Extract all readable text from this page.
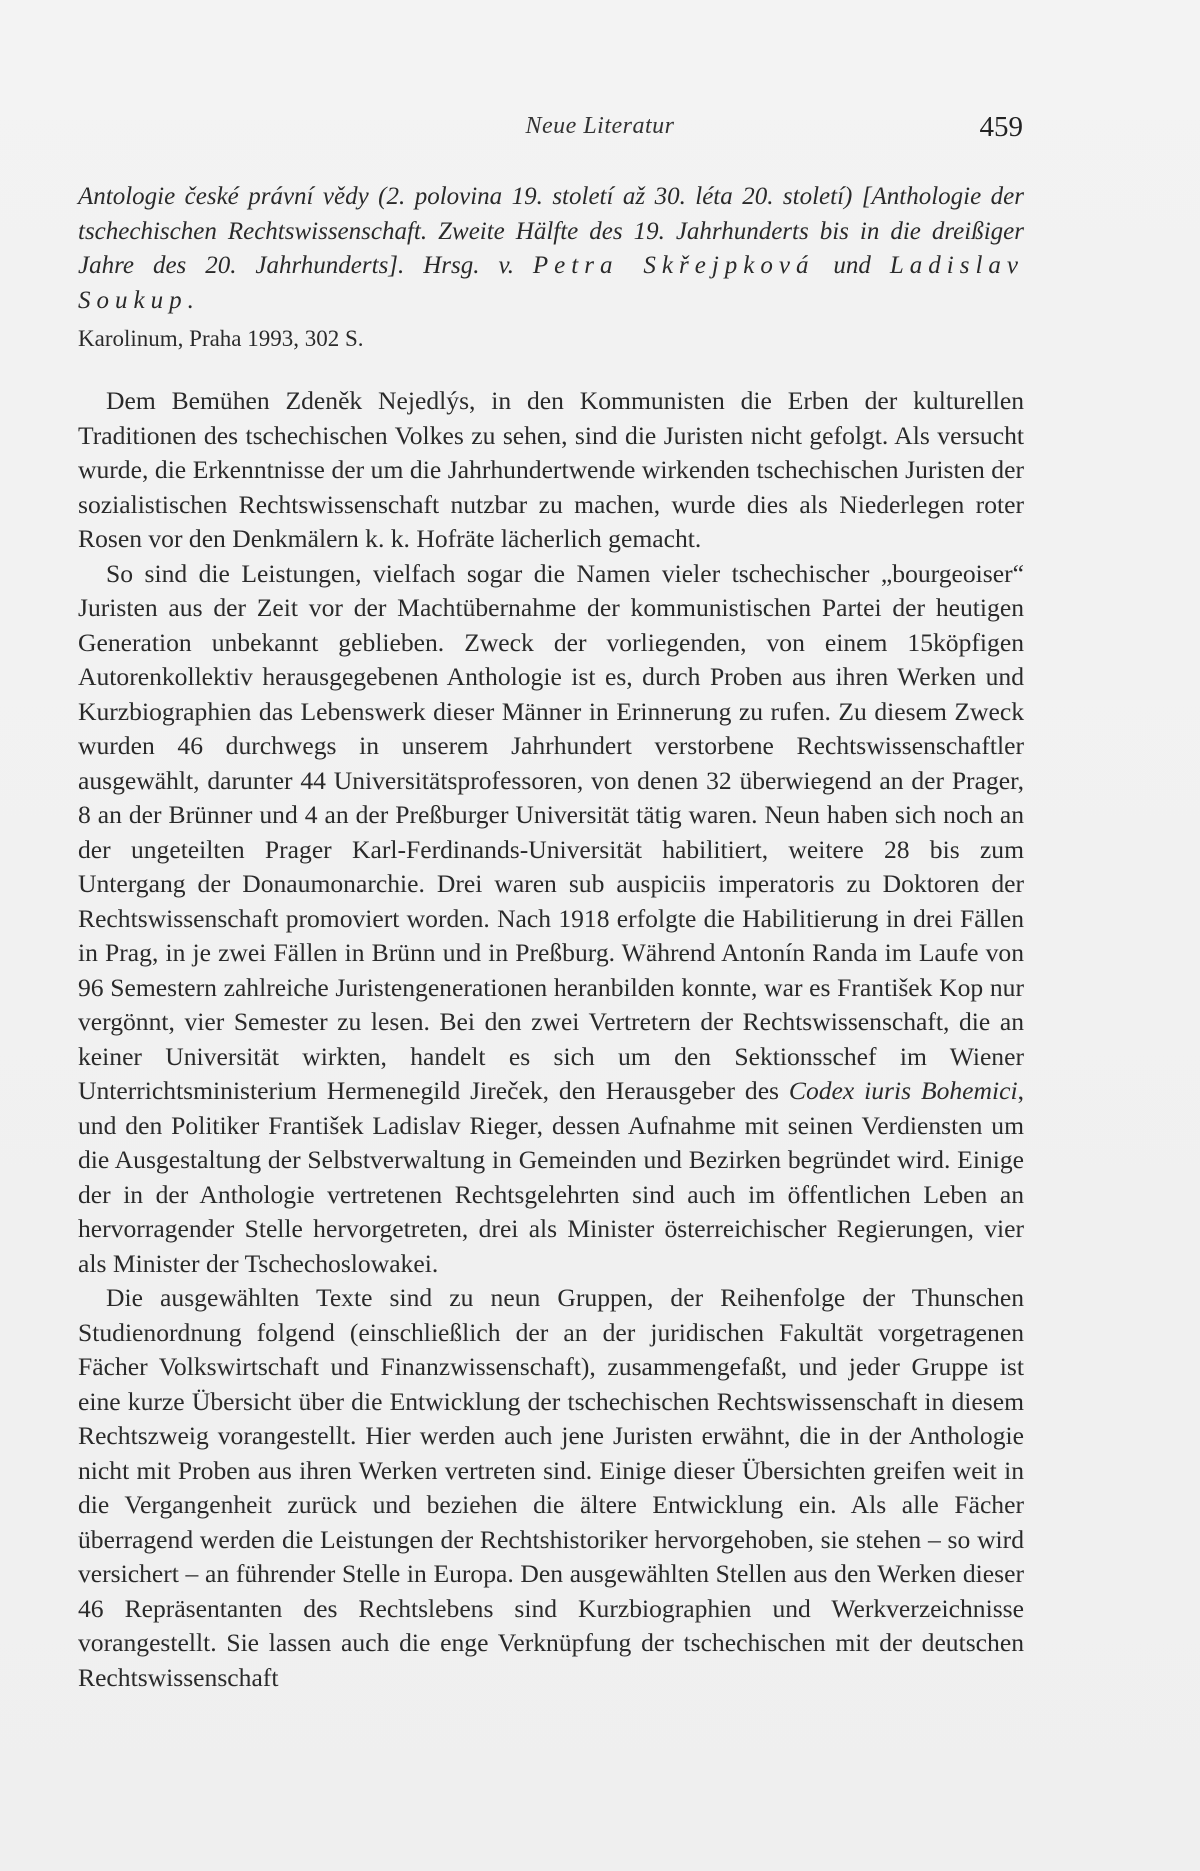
Neue Literatur	459

Antologie české právní vědy (2. polovina 19. století až 30. léta 20. století) [Anthologie der tschechischen Rechtswissenschaft. Zweite Hälfte des 19. Jahrhunderts bis in die dreißiger Jahre des 20. Jahrhunderts]. Hrsg. v. Petra Skřejpková und Ladislav Soukup.

Karolinum, Praha 1993, 302 S.

Dem Bemühen Zdeněk Nejedlýs, in den Kommunisten die Erben der kulturellen Traditionen des tschechischen Volkes zu sehen, sind die Juristen nicht gefolgt. Als versucht wurde, die Erkenntnisse der um die Jahrhundertwende wirkenden tschechischen Juristen der sozialistischen Rechtswissenschaft nutzbar zu machen, wurde dies als Niederlegen roter Rosen vor den Denkmälern k. k. Hofräte lächerlich gemacht.

So sind die Leistungen, vielfach sogar die Namen vieler tschechischer „bourgeoiser“ Juristen aus der Zeit vor der Machtübernahme der kommunistischen Partei der heutigen Generation unbekannt geblieben. Zweck der vorliegenden, von einem 15köpfigen Autorenkollektiv herausgegebenen Anthologie ist es, durch Proben aus ihren Werken und Kurzbiographien das Lebenswerk dieser Männer in Erinnerung zu rufen. Zu diesem Zweck wurden 46 durchwegs in unserem Jahrhundert verstorbene Rechtswissenschaftler ausgewählt, darunter 44 Universitätsprofessoren, von denen 32 überwiegend an der Prager, 8 an der Brünner und 4 an der Preßburger Universität tätig waren. Neun haben sich noch an der ungeteilten Prager Karl-Ferdinands-Universität habilitiert, weitere 28 bis zum Untergang der Donaumonarchie. Drei waren sub auspiciis imperatoris zu Doktoren der Rechtswissenschaft promoviert worden. Nach 1918 erfolgte die Habilitierung in drei Fällen in Prag, in je zwei Fällen in Brünn und in Preßburg. Während Antonín Randa im Laufe von 96 Semestern zahlreiche Juristengenerationen heranbilden konnte, war es František Kop nur vergönnt, vier Semester zu lesen. Bei den zwei Vertretern der Rechtswissenschaft, die an keiner Universität wirkten, handelt es sich um den Sektionsschef im Wiener Unterrichtsministerium Hermenegild Jireček, den Herausgeber des Codex iuris Bohemici, und den Politiker František Ladislav Rieger, dessen Aufnahme mit seinen Verdiensten um die Ausgestaltung der Selbstverwaltung in Gemeinden und Bezirken begründet wird. Einige der in der Anthologie vertretenen Rechtsgelehrten sind auch im öffentlichen Leben an hervorragender Stelle hervorgetreten, drei als Minister österreichischer Regierungen, vier als Minister der Tschechoslowakei.

Die ausgewählten Texte sind zu neun Gruppen, der Reihenfolge der Thunschen Studienordnung folgend (einschließlich der an der juridischen Fakultät vorgetragenen Fächer Volkswirtschaft und Finanzwissenschaft), zusammengefaßt, und jeder Gruppe ist eine kurze Übersicht über die Entwicklung der tschechischen Rechtswissenschaft in diesem Rechtszweig vorangestellt. Hier werden auch jene Juristen erwähnt, die in der Anthologie nicht mit Proben aus ihren Werken vertreten sind. Einige dieser Übersichten greifen weit in die Vergangenheit zurück und beziehen die ältere Entwicklung ein. Als alle Fächer überragend werden die Leistungen der Rechtshistoriker hervorgehoben, sie stehen – so wird versichert – an führender Stelle in Europa. Den ausgewählten Stellen aus den Werken dieser 46 Repräsentanten des Rechtslebens sind Kurzbiographien und Werkverzeichnisse vorangestellt. Sie lassen auch die enge Verknüpfung der tschechischen mit der deutschen Rechtswissenschaft
